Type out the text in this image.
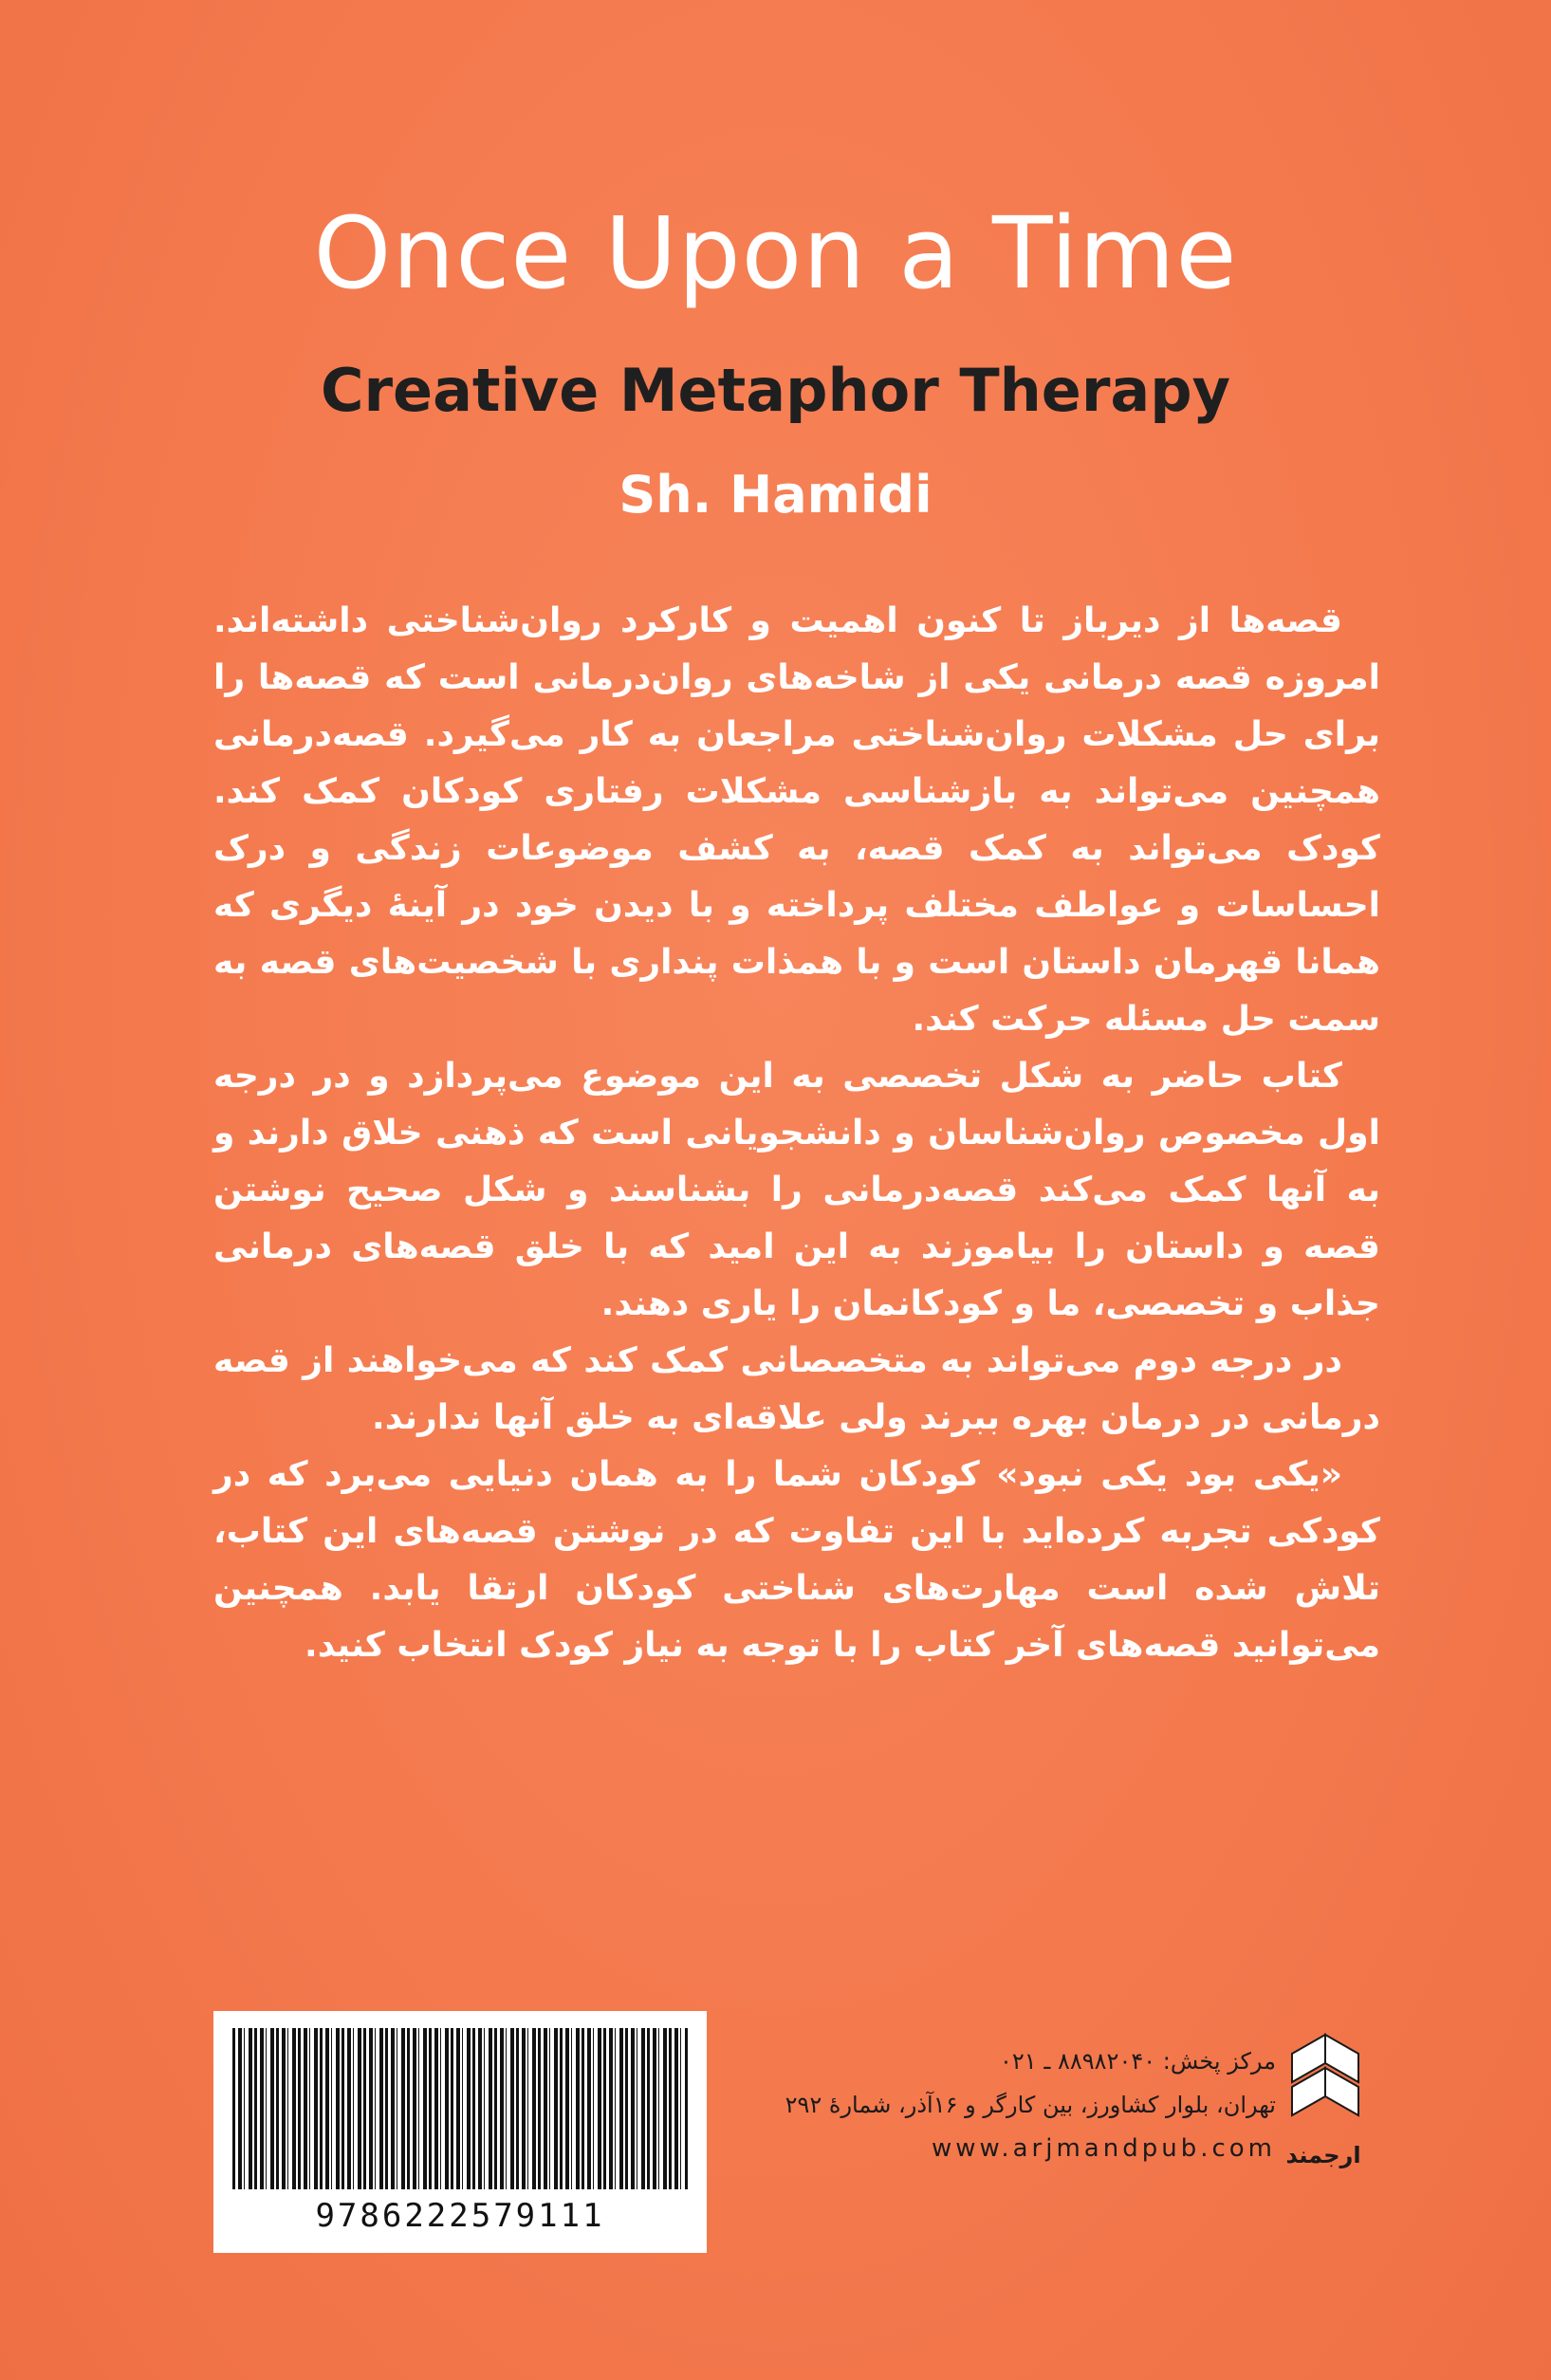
Once Upon a Time
Creative Metaphor Therapy
Sh. Hamidi

قصه‌ها از دیرباز تا کنون اهمیت و کارکرد روان‌شناختی داشته‌اند. امروزه قصه درمانی یکی از شاخه‌های روان‌درمانی است که قصه‌ها را برای حل مشکلات روان‌شناختی مراجعان به کار می‌گیرد. قصه‌درمانی همچنین می‌تواند به بازشناسی مشکلات رفتاری کودکان کمک کند. کودک می‌تواند به کمک قصه، به کشف موضوعات زندگی و درک احساسات و عواطف مختلف پرداخته و با دیدن خود در آینهٔ دیگری که همانا قهرمان داستان است و با همذات پنداری با شخصیت‌های قصه به سمت حل مسئله حرکت کند.

کتاب حاضر به شکل تخصصی به این موضوع می‌پردازد و در درجه اول مخصوص روان‌شناسان و دانشجویانی است که ذهنی خلاق دارند و به آنها کمک می‌کند قصه‌درمانی را بشناسند و شکل صحیح نوشتن قصه و داستان را بیاموزند به این امید که با خلق قصه‌های درمانی جذاب و تخصصی، ما و کودکانمان را یاری دهند.

در درجه دوم می‌تواند به متخصصانی کمک کند که می‌خواهند از قصه درمانی در درمان بهره ببرند ولی علاقه‌ای به خلق آنها ندارند.

«یکی بود یکی نبود» کودکان شما را به همان دنیایی می‌برد که در کودکی تجربه کرده‌اید با این تفاوت که در نوشتن قصه‌های این کتاب، تلاش شده است مهارت‌های شناختی کودکان ارتقا یابد. همچنین می‌توانید قصه‌های آخر کتاب را با توجه به نیاز کودک انتخاب کنید.

9786222579111
مرکز پخش: ۸۸۹۸۲۰۴۰ ـ ۰۲۱
تهران، بلوار کشاورز، بین کارگر و ۱۶آذر، شمارهٔ ۲۹۲
www.arjmandpub.com ارجمند
